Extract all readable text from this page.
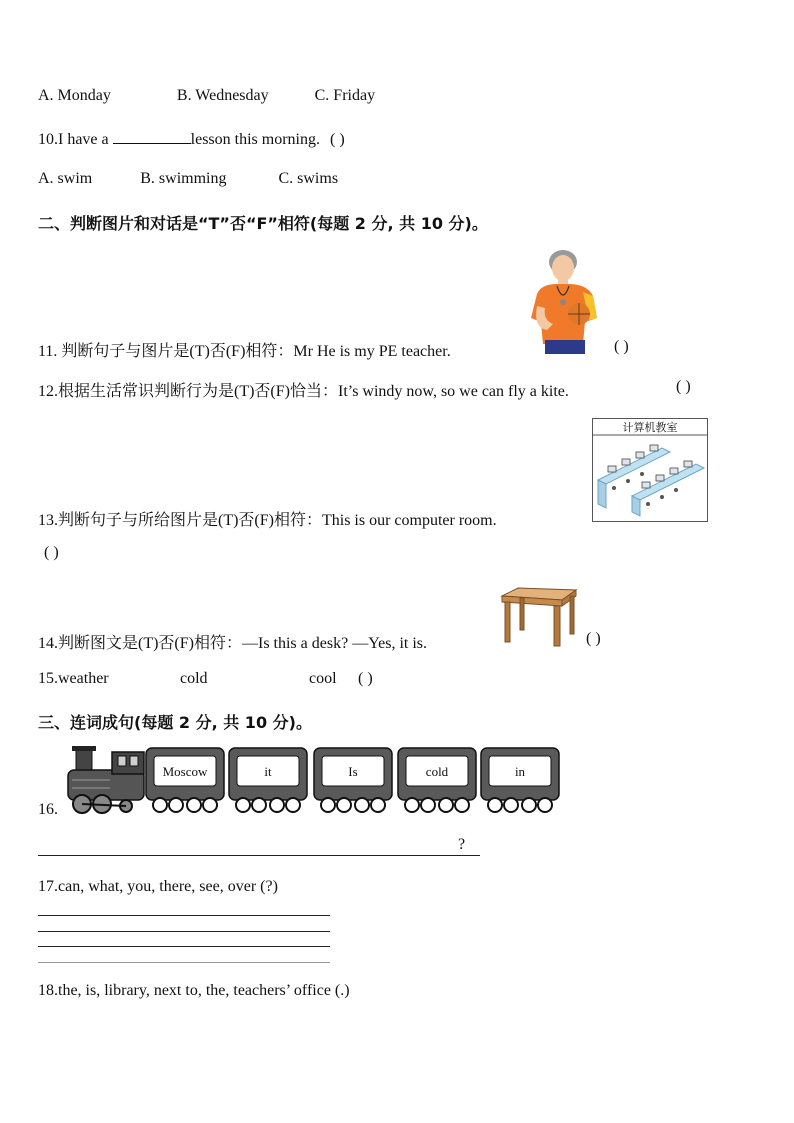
A. Monday	B. Wednesday	C. Friday
10.I have a	lesson this morning. ( )
A. swim	B. swimming	C. swims
二、判断图片和对话是“T”否“F”相符(每题 2 分, 共 10 分)。
11. 判断句子与图片是(T)否(F)相符：Mr He is my PE teacher.	( )
12.根据生活常识判断行为是(T)否(F)恰当：It’s windy now, so we can fly a kite.	( )
计算机教室
13.判断句子与所给图片是(T)否(F)相符：This is our computer room.
( )
14.判断图文是(T)否(F)相符：—Is this a desk? —Yes, it is.	( )
15.weather	cold	cool ( )
三、连词成句(每题 2 分, 共 10 分)。
16.
Moscow	it	Is	cold	in
?
17.can, what, you, there, see, over (?)
18.the, is, library, next to, the, teachers’ office (.)
